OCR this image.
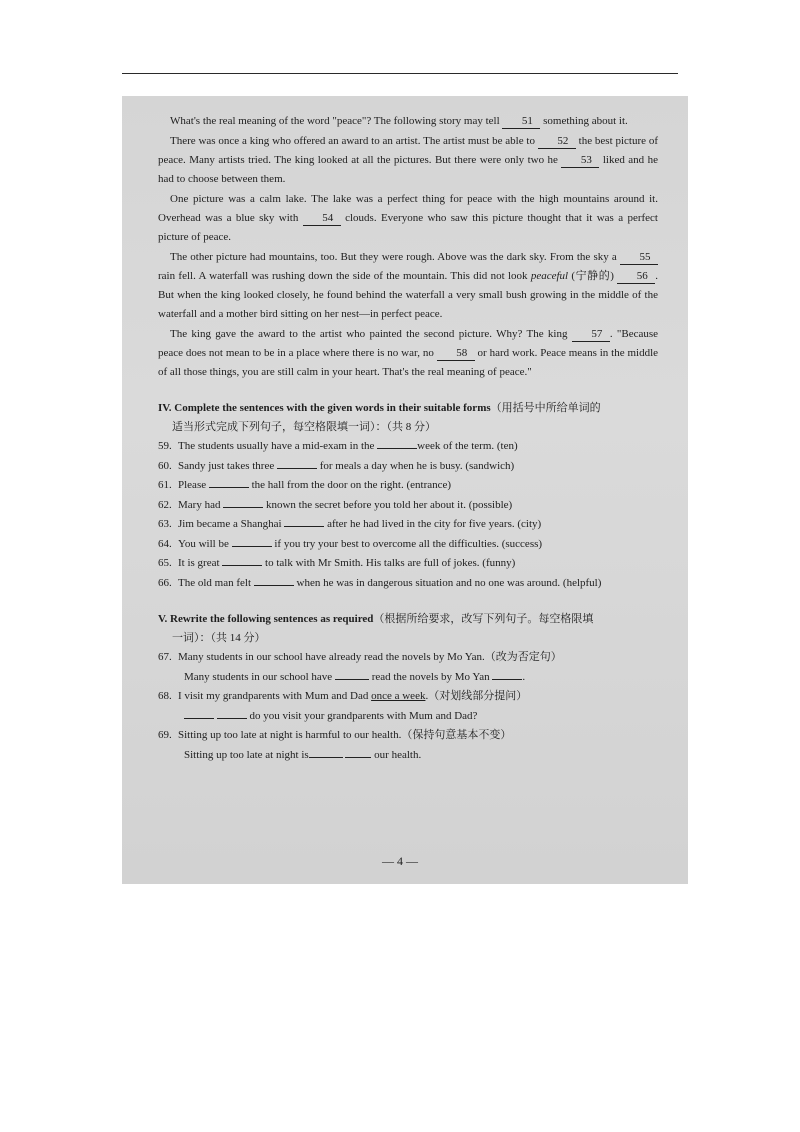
What's the real meaning of the word "peace"? The following story may tell 51 something about it.

There was once a king who offered an award to an artist. The artist must be able to 52 the best picture of peace. Many artists tried. The king looked at all the pictures. But there were only two he 53 liked and he had to choose between them.

One picture was a calm lake. The lake was a perfect thing for peace with the high mountains around it. Overhead was a blue sky with 54 clouds. Everyone who saw this picture thought that it was a perfect picture of peace.

The other picture had mountains, too. But they were rough. Above was the dark sky. From the sky a 55 rain fell. A waterfall was rushing down the side of the mountain. This did not look peaceful (宁静的) 56 . But when the king looked closely, he found behind the waterfall a very small bush growing in the middle of the waterfall and a mother bird sitting on her nest—in perfect peace.

The king gave the award to the artist who painted the second picture. Why? The king 57 . "Because peace does not mean to be in a place where there is no war, no 58 or hard work. Peace means in the middle of all those things, you are still calm in your heart. That's the real meaning of peace."

IV. Complete the sentences with the given words in their suitable forms（用括号中所给单词的
适当形式完成下列句子，每空格限填一词）：（共 8 分）
59. The students usually have a mid-exam in the	week of the term. (ten)
60. Sandy just takes three	for meals a day when he is busy. (sandwich)
61. Please	the hall from the door on the right. (entrance)
62. Mary had	known the secret before you told her about it. (possible)
63. Jim became a Shanghai	after he had lived in the city for five years. (city)
64. You will be	if you try your best to overcome all the difficulties. (success)
65. It is great	to talk with Mr Smith. His talks are full of jokes. (funny)
66. The old man felt	when he was in dangerous situation and no one was around. (helpful)
V. Rewrite the following sentences as required（根据所给要求，改写下列句子。每空格限填
一词）：（共 14 分）
67. Many students in our school have already read the novels by Mo Yan.（改为否定句）
Many students in our school have	read the novels by Mo Yan	.
68. I visit my grandparents with Mum and Dad once a week.（对划线部分提问）
do you visit your grandparents with Mum and Dad?
69. Sitting up too late at night is harmful to our health.（保持句意基本不变）
Sitting up too late at night is	our health.
— 4 —
